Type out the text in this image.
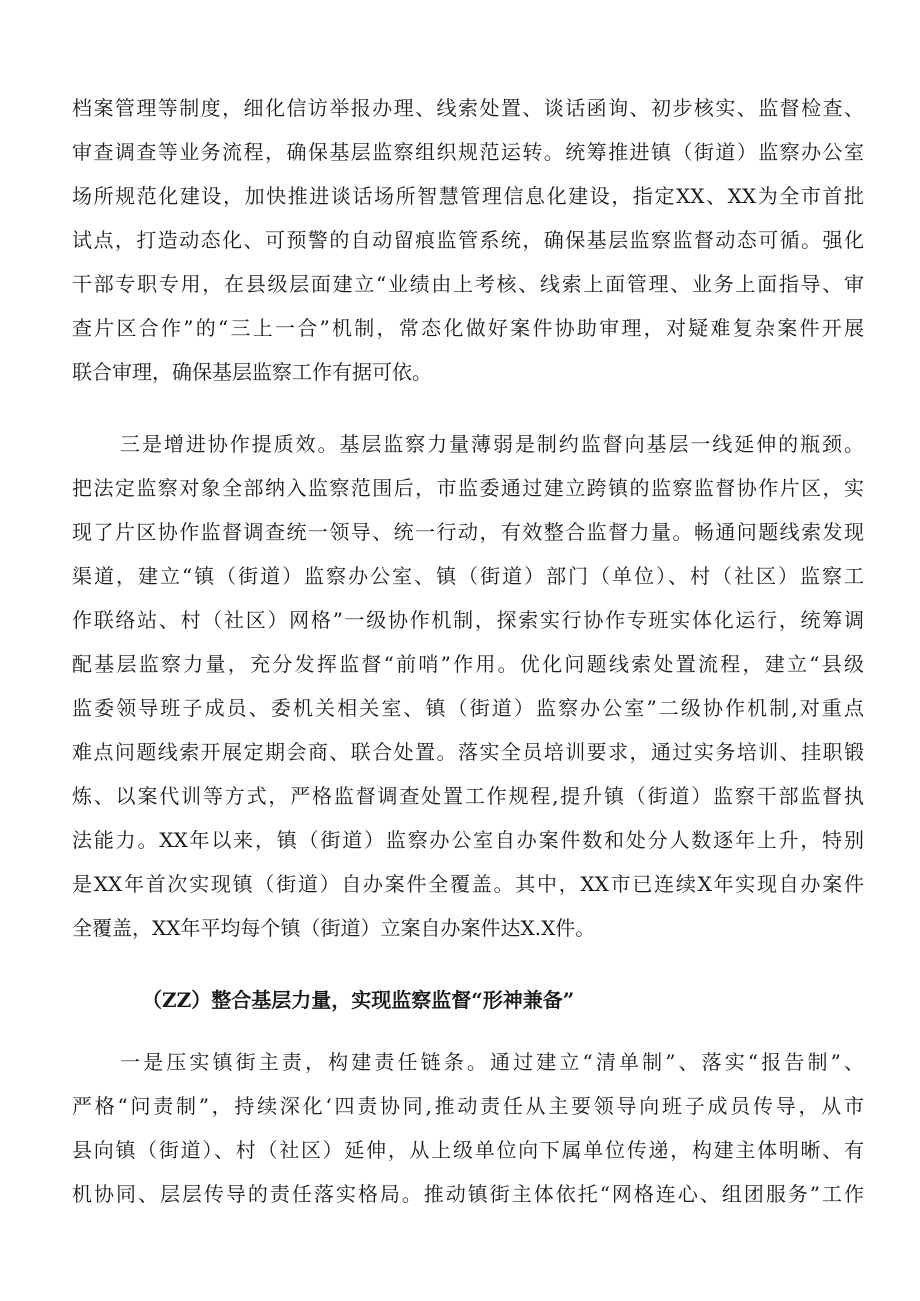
档案管理等制度，细化信访举报办理、线索处置、谈话函询、初步核实、监督检查、
审查调查等业务流程，确保基层监察组织规范运转。统筹推进镇（街道）监察办公室
场所规范化建设，加快推进谈话场所智慧管理信息化建设，指定XX、XX为全市首批
试点，打造动态化、可预警的自动留痕监管系统，确保基层监察监督动态可循。强化
干部专职专用，在县级层面建立“业绩由上考核、线索上面管理、业务上面指导、审
查片区合作”的“三上一合”机制，常态化做好案件协助审理，对疑难复杂案件开展
联合审理，确保基层监察工作有据可依。
三是增进协作提质效。基层监察力量薄弱是制约监督向基层一线延伸的瓶颈。
把法定监察对象全部纳入监察范围后，市监委通过建立跨镇的监察监督协作片区，实
现了片区协作监督调查统一领导、统一行动，有效整合监督力量。畅通问题线索发现
渠道，建立“镇（街道）监察办公室、镇（街道）部门（单位）、村（社区）监察工
作联络站、村（社区）网格”一级协作机制，探索实行协作专班实体化运行，统筹调
配基层监察力量，充分发挥监督“前哨”作用。优化问题线索处置流程，建立“县级
监委领导班子成员、委机关相关室、镇（街道）监察办公室”二级协作机制,对重点
难点问题线索开展定期会商、联合处置。落实全员培训要求，通过实务培训、挂职锻
炼、以案代训等方式，严格监督调查处置工作规程,提升镇（街道）监察干部监督执
法能力。XX年以来，镇（街道）监察办公室自办案件数和处分人数逐年上升，特别
是XX年首次实现镇（街道）自办案件全覆盖。其中，XX市已连续X年实现自办案件
全覆盖，XX年平均每个镇（街道）立案自办案件达X.X件。
（ZZ）整合基层力量，实现监察监督“形神兼备”
一是压实镇街主责，构建责任链条。通过建立“清单制”、落实“报告制”、
严格“问责制”，持续深化‘四责协同,推动责任从主要领导向班子成员传导，从市
县向镇（街道）、村（社区）延伸，从上级单位向下属单位传递，构建主体明晰、有
机协同、层层传导的责任落实格局。推动镇街主体依托“网格连心、组团服务”工作
